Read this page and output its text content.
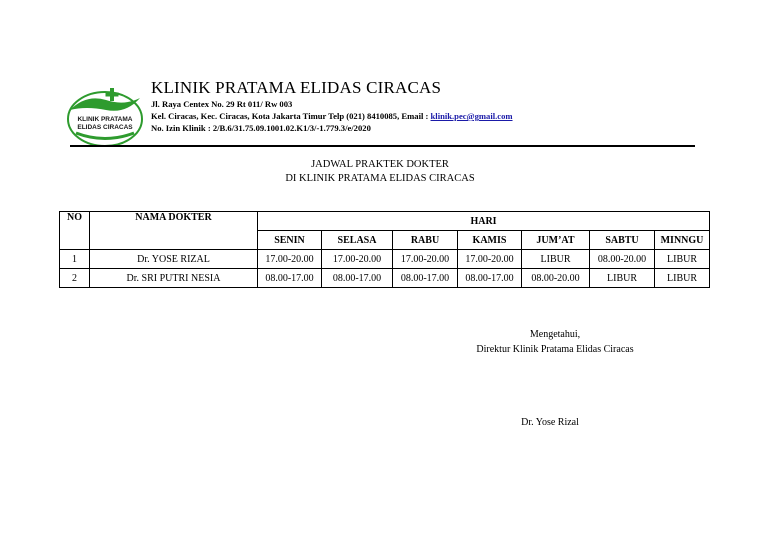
KLINIK PRATAMA
ELIDAS CIRACAS
KLINIK PRATAMA ELIDAS CIRACAS
Jl. Raya Centex No. 29 Rt 011/ Rw 003
Kel. Ciracas, Kec. Ciracas, Kota Jakarta Timur Telp (021) 8410085, Email : klinik.pec@gmail.com
No. Izin Klinik : 2/B.6/31.75.09.1001.02.K1/3/-1.779.3/e/2020
JADWAL PRAKTEK DOKTER
DI KLINIK PRATAMA ELIDAS CIRACAS
NO	NAMA DOKTER	HARI						
		SENIN	SELASA	RABU	KAMIS	JUM’AT	SABTU	MINNGU
1	Dr. YOSE RIZAL	17.00-20.00	17.00-20.00	17.00-20.00	17.00-20.00	LIBUR	08.00-20.00	LIBUR
2	Dr. SRI PUTRI NESIA	08.00-17.00	08.00-17.00	08.00-17.00	08.00-17.00	08.00-20.00	LIBUR	LIBUR
Mengetahui,
Direktur Klinik Pratama Elidas Ciracas
Dr. Yose Rizal
